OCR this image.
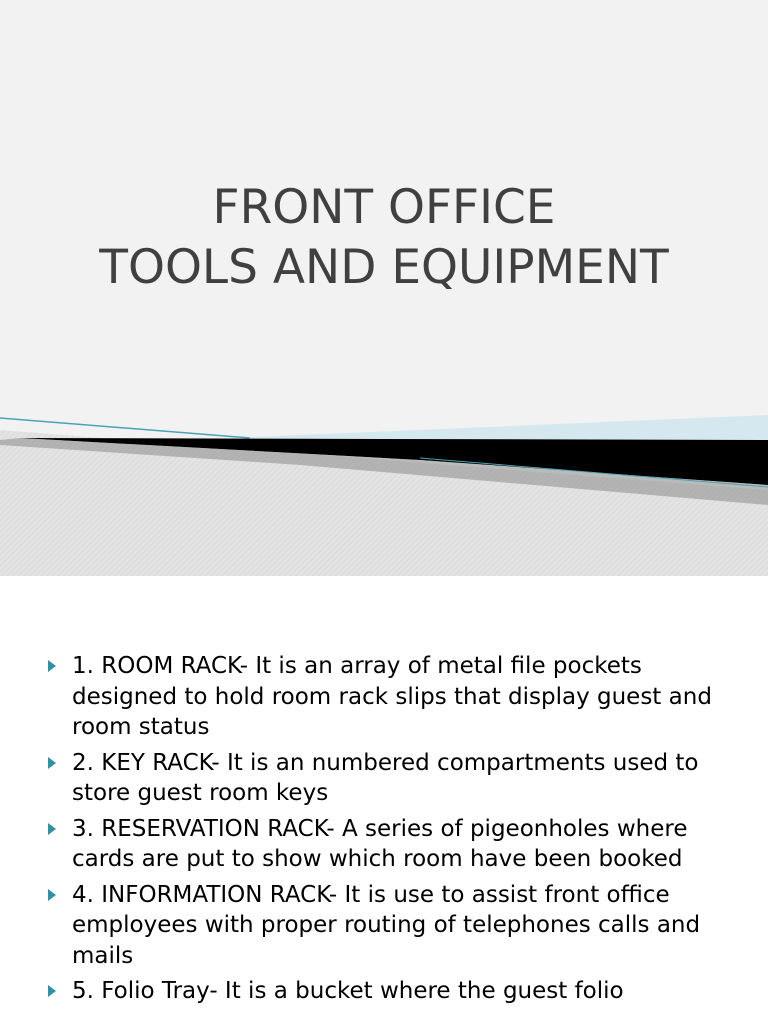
FRONT OFFICE
TOOLS AND EQUIPMENT
1. ROOM RACK- It is an array of metal file pockets designed to hold room rack slips that display guest and room status
2. KEY RACK- It is an numbered compartments used to store guest room keys
3. RESERVATION RACK- A series of pigeonholes where cards are put to show which room have been booked
4. INFORMATION RACK- It is use to assist front office employees with proper routing of telephones calls and mails
5. Folio Tray- It is a bucket where the guest folio
